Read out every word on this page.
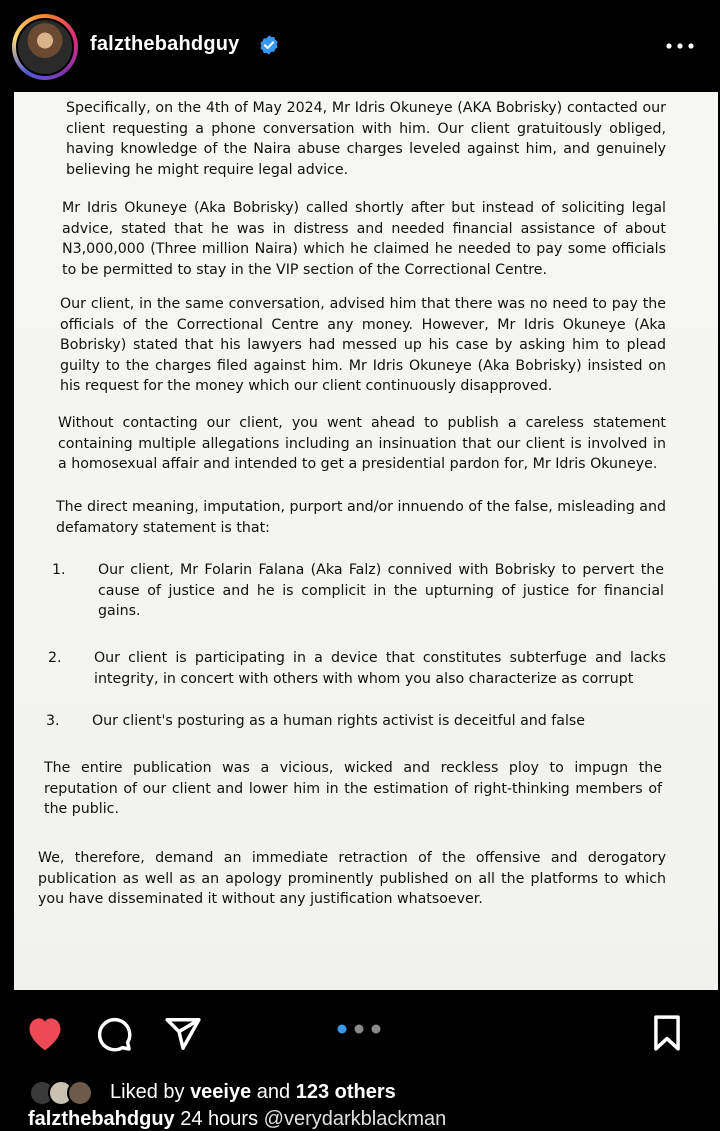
falzthebahdguy

Specifically, on the 4th of May 2024, Mr Idris Okuneye (AKA Bobrisky) contacted our client requesting a phone conversation with him. Our client gratuitously obliged, having knowledge of the Naira abuse charges leveled against him, and genuinely believing he might require legal advice.

Mr Idris Okuneye (Aka Bobrisky) called shortly after but instead of soliciting legal advice, stated that he was in distress and needed financial assistance of about N3,000,000 (Three million Naira) which he claimed he needed to pay some officials to be permitted to stay in the VIP section of the Correctional Centre.

Our client, in the same conversation, advised him that there was no need to pay the officials of the Correctional Centre any money. However, Mr Idris Okuneye (Aka Bobrisky) stated that his lawyers had messed up his case by asking him to plead guilty to the charges filed against him. Mr Idris Okuneye (Aka Bobrisky) insisted on his request for the money which our client continuously disapproved.

Without contacting our client, you went ahead to publish a careless statement containing multiple allegations including an insinuation that our client is involved in a homosexual affair and intended to get a presidential pardon for, Mr Idris Okuneye.

The direct meaning, imputation, purport and/or innuendo of the false, misleading and defamatory statement is that:

1. Our client, Mr Folarin Falana (Aka Falz) connived with Bobrisky to pervert the cause of justice and he is complicit in the upturning of justice for financial gains.

2. Our client is participating in a device that constitutes subterfuge and lacks integrity, in concert with others with whom you also characterize as corrupt

3. Our client's posturing as a human rights activist is deceitful and false

The entire publication was a vicious, wicked and reckless ploy to impugn the reputation of our client and lower him in the estimation of right-thinking members of the public.

We, therefore, demand an immediate retraction of the offensive and derogatory publication as well as an apology prominently published on all the platforms to which you have disseminated it without any justification whatsoever.

Liked by veeiye and 123 others
falzthebahdguy 24 hours @verydarkblackman
